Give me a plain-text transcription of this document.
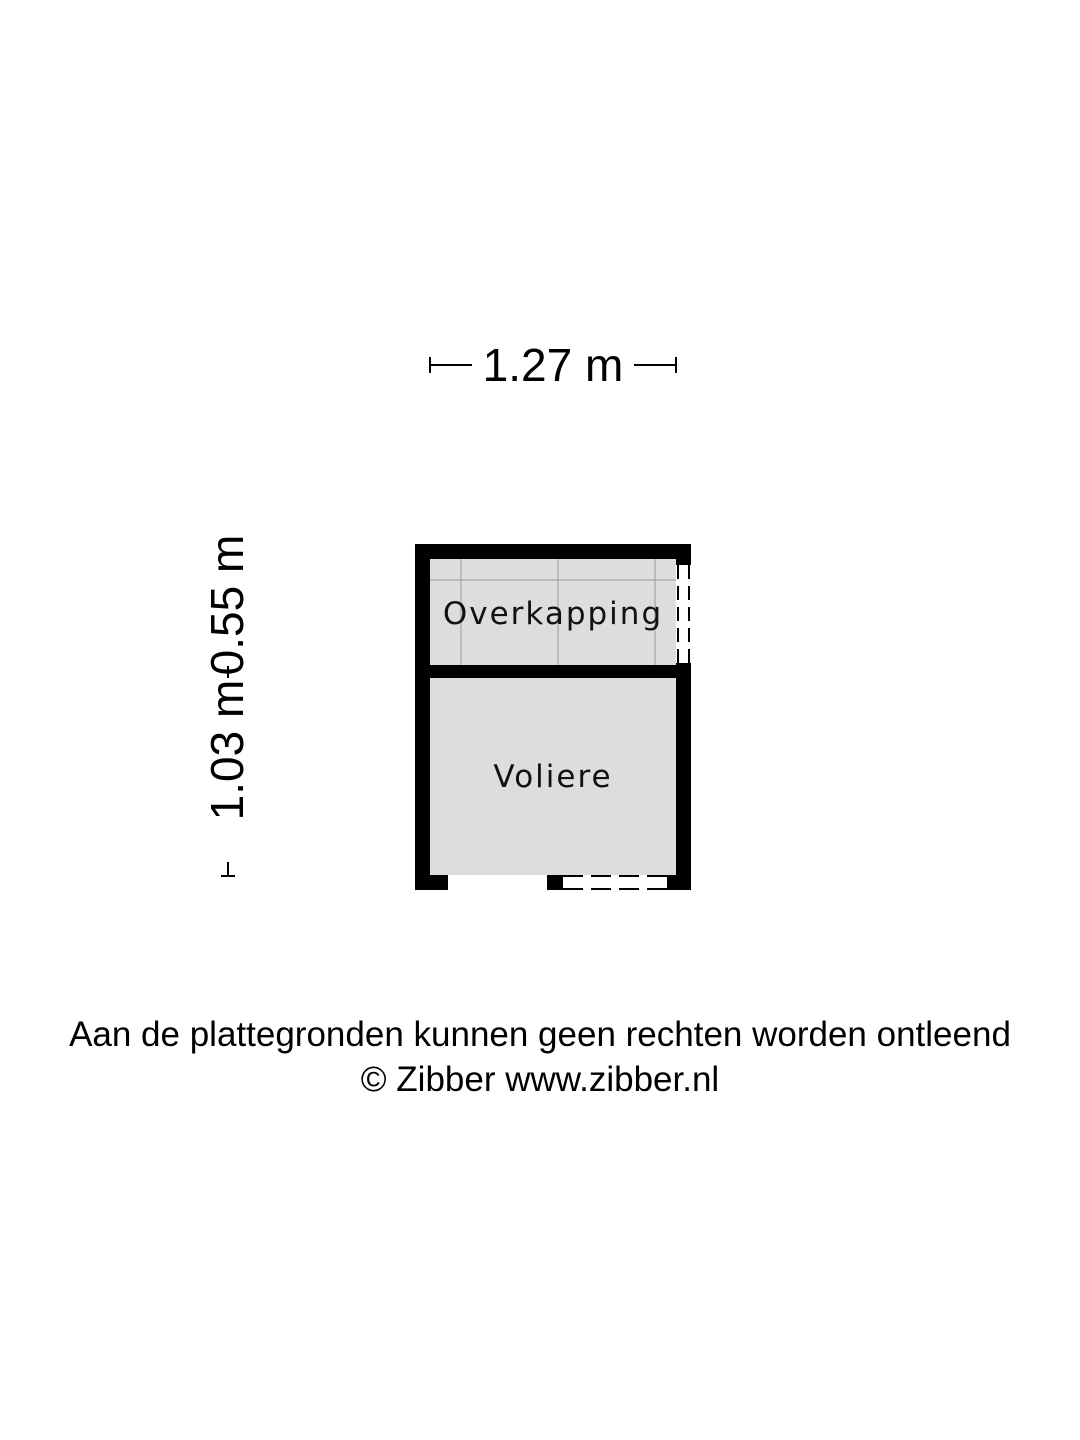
1.27 m
1.03 m
0.55 m	Overkapping
Voliere
Aan de plattegronden kunnen geen rechten worden ontleend
© Zibber www.zibber.nl
